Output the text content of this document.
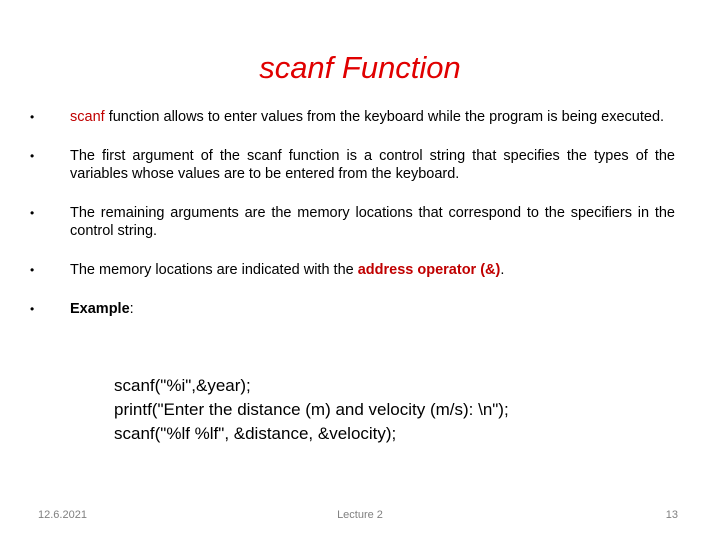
scanf Function
• scanf function allows to enter values from the keyboard while the program is being executed.
• The first argument of the scanf function is a control string that specifies the types of the variables whose values are to be entered from the keyboard.
• The remaining arguments are the memory locations that correspond to the specifiers in the control string.
• The memory locations are indicated with the address operator (&).
• Example:
scanf("%i",&year);
printf("Enter the distance (m) and velocity (m/s): \n");
scanf("%lf %lf", &distance, &velocity);
12.6.2021	Lecture 2	13
